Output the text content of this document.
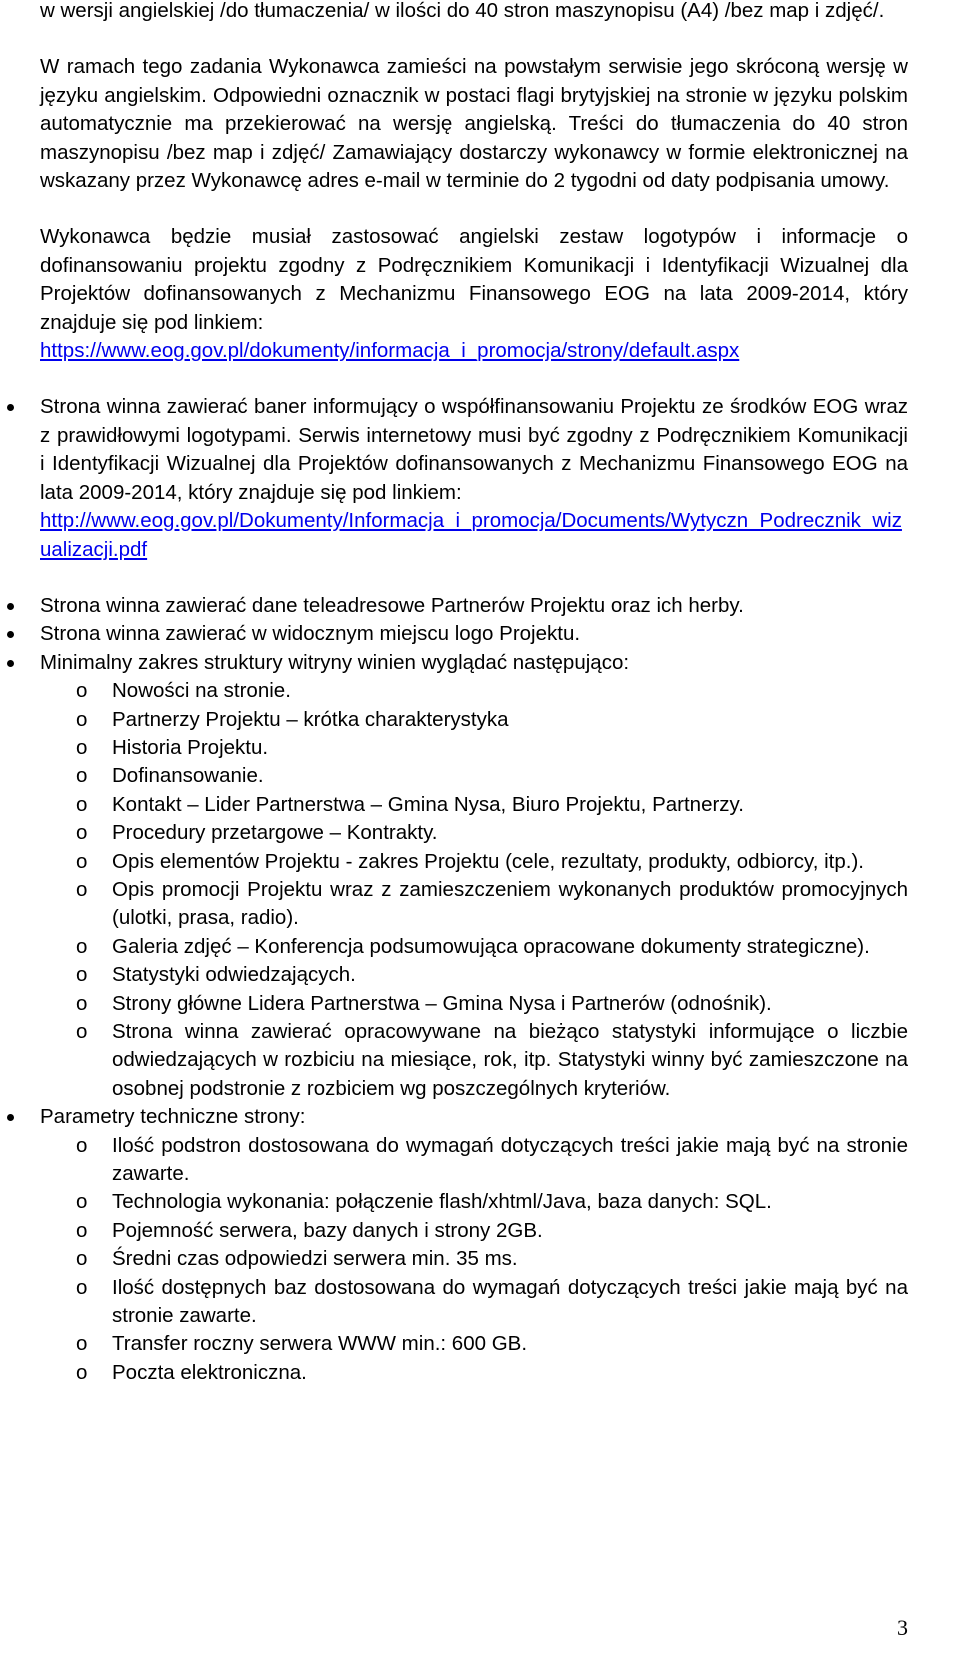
w wersji angielskiej /do tłumaczenia/ w ilości do 40 stron maszynopisu (A4) /bez map i zdjęć/.

W ramach tego zadania Wykonawca zamieści na powstałym serwisie jego skróconą wersję w języku angielskim. Odpowiedni oznacznik w postaci flagi brytyjskiej na stronie w języku polskim automatycznie ma przekierować na wersję angielską. Treści do tłumaczenia do 40 stron maszynopisu /bez map i zdjęć/ Zamawiający dostarczy wykonawcy w formie elektronicznej na wskazany przez Wykonawcę adres e-mail w terminie do 2 tygodni od daty podpisania umowy.

Wykonawca będzie musiał zastosować angielski zestaw logotypów i informacje o dofinansowaniu projektu zgodny z Podręcznikiem Komunikacji i Identyfikacji Wizualnej dla Projektów dofinansowanych z Mechanizmu Finansowego EOG na lata 2009-2014, który znajduje się pod linkiem:
https://www.eog.gov.pl/dokumenty/informacja_i_promocja/strony/default.aspx

Strona winna zawierać baner informujący o współfinansowaniu Projektu ze środków EOG wraz z prawidłowymi logotypami. Serwis internetowy musi być zgodny z Podręcznikiem Komunikacji i Identyfikacji Wizualnej dla Projektów dofinansowanych z Mechanizmu Finansowego EOG na lata 2009-2014, który znajduje się pod linkiem:
http://www.eog.gov.pl/Dokumenty/Informacja_i_promocja/Documents/Wytyczn_Podrecznik_wizualizacji.pdf
Strona winna zawierać dane teleadresowe Partnerów Projektu oraz ich herby.
Strona winna zawierać w widocznym miejscu logo Projektu.
Minimalny zakres struktury witryny winien wyglądać następująco:
o Nowości na stronie.
o Partnerzy Projektu – krótka charakterystyka
o Historia Projektu.
o Dofinansowanie.
o Kontakt – Lider Partnerstwa – Gmina Nysa, Biuro Projektu, Partnerzy.
o Procedury przetargowe – Kontrakty.
o Opis elementów Projektu - zakres Projektu (cele, rezultaty, produkty, odbiorcy, itp.).
o Opis promocji Projektu wraz z zamieszczeniem wykonanych produktów promocyjnych (ulotki, prasa, radio).
o Galeria zdjęć – Konferencja podsumowująca opracowane dokumenty strategiczne).
o Statystyki odwiedzających.
o Strony główne Lidera Partnerstwa – Gmina Nysa i Partnerów (odnośnik).
o Strona winna zawierać opracowywane na bieżąco statystyki informujące o liczbie odwiedzających w rozbiciu na miesiące, rok, itp. Statystyki winny być zamieszczone na osobnej podstronie z rozbiciem wg poszczególnych kryteriów.
Parametry techniczne strony:
o Ilość podstron dostosowana do wymagań dotyczących treści jakie mają być na stronie zawarte.
o Technologia wykonania: połączenie flash/xhtml/Java, baza danych: SQL.
o Pojemność serwera, bazy danych i strony 2GB.
o Średni czas odpowiedzi serwera min. 35 ms.
o Ilość dostępnych baz dostosowana do wymagań dotyczących treści jakie mają być na stronie zawarte.
o Transfer roczny serwera WWW min.: 600 GB.
o Poczta elektroniczna.
3
